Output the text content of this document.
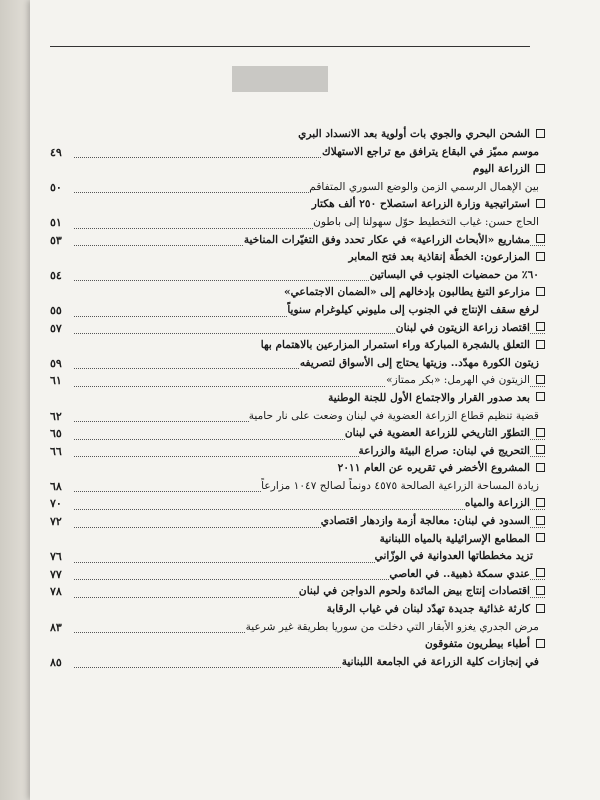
الشحن البحري والجوي بات أولوية بعد الانسداد البري
موسم مميّز في البقاع يترافق مع تراجع الاستهلاك
٤٩
الزراعة اليوم
بين الإهمال الرسمي الزمن والوضع السوري المتفاقم
٥٠
استراتيجية وزارة الزراعة استصلاح ٢٥٠ ألف هكتار
الحاج حسن: غياب التخطيط حوّل سهولنا إلى باطون
٥١
مشاريع «الأبحاث الزراعية» في عكار تحدد وفق التغيّرات المناخية
٥٣
المزارعون: الخطّة إنقاذية بعد فتح المعابر
٦٠٪ من حمضيات الجنوب في البساتين
٥٤
مزارعو التبغ يطالبون بإدخالهم إلى «الضمان الاجتماعي»
لرفع سقف الإنتاج في الجنوب إلى مليوني كيلوغرام سنوياً
٥٥
اقتصاد زراعة الزيتون في لبنان
٥٧
التعلق بالشجرة المباركة وراء استمرار المزارعين بالاهتمام بها
زيتون الكورة مهدّد.. وزيتها يحتاج إلى الأسواق لتصريفه
٥٩
الزيتون في الهرمل: «بكر ممتاز»
٦١
بعد صدور القرار والاجتماع الأول للجنة الوطنية
قضية تنظيم قطاع الزراعة العضوية في لبنان وضعت على نار حامية
٦٢
التطوّر التاريخي للزراعة العضوية في لبنان
٦٥
التحريج في لبنان: صراع البيئة والزراعة
٦٦
المشروع الأخضر في تقريره عن العام ٢٠١١
زيادة المساحة الزراعية الصالحة ٤٥٧٥ دونماً لصالح ١٠٤٧ مزارعاً
٦٨
الزراعة والمياه
٧٠
السدود في لبنان: معالجة أزمة وازدهار اقتصادي
٧٢
المطامع الإسرائيلية بالمياه اللبنانية
تزيد مخططاتها العدوانية في الوزّاني
٧٦
عندي سمكة ذهبية.. في العاصي
٧٧
اقتصادات إنتاج بيض المائدة ولحوم الدواجن في لبنان
٧٨
كارثة غذائية جديدة تهدّد لبنان في غياب الرقابة
مرض الجدري يغزو الأبقار التي دخلت من سوريا بطريقة غير شرعية
٨٣
أطباء بيطريون متفوقون
في إنجازات كلية الزراعة في الجامعة اللبنانية
٨٥
